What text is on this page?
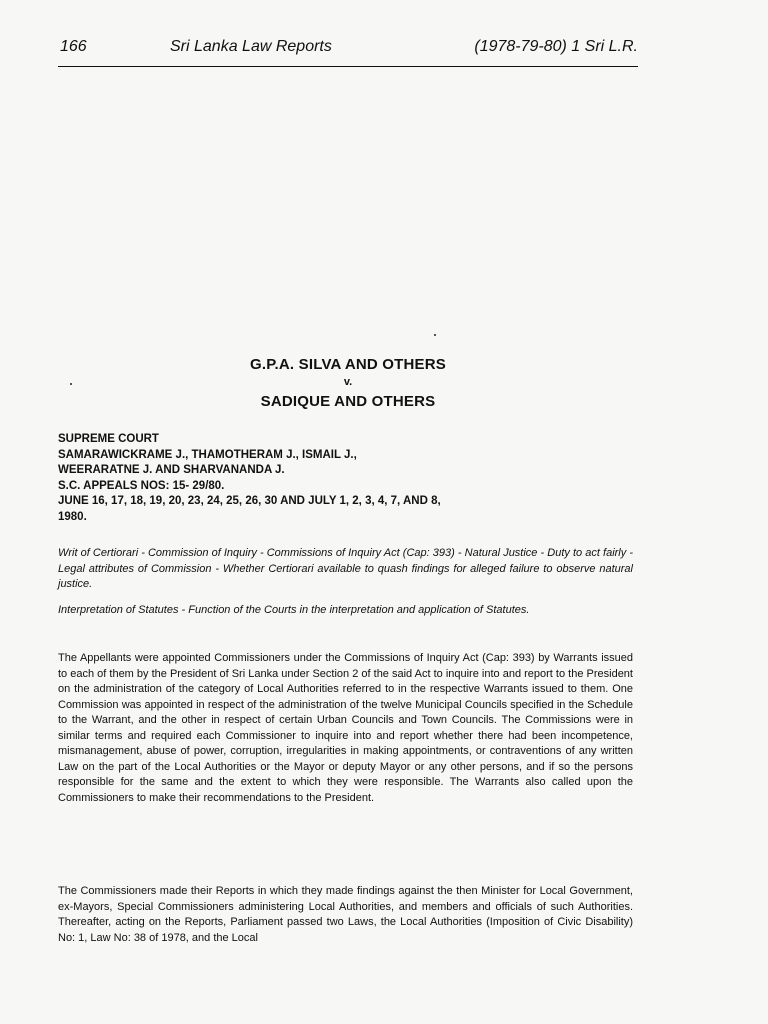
166	Sri Lanka Law Reports	(1978-79-80) 1 Sri L.R.
G.P.A. SILVA AND OTHERS
v.
SADIQUE AND OTHERS
SUPREME COURT
SAMARAWICKRAME J., THAMOTHERAM J., ISMAIL J.,
WEERARATNE J. AND SHARVANANDA J.
S.C. APPEALS NOS: 15- 29/80.
JUNE 16, 17, 18, 19, 20, 23, 24, 25, 26, 30 AND JULY 1, 2, 3, 4, 7, AND 8,
1980.
Writ of Certiorari - Commission of Inquiry - Commissions of Inquiry Act (Cap: 393) - Natural Justice - Duty to act fairly - Legal attributes of Commission - Whether Certiorari available to quash findings for alleged failure to observe natural justice.
Interpretation of Statutes - Function of the Courts in the interpretation and application of Statutes.
The Appellants were appointed Commissioners under the Commissions of Inquiry Act (Cap: 393) by Warrants issued to each of them by the President of Sri Lanka under Section 2 of the said Act to inquire into and report to the President on the administration of the category of Local Authorities referred to in the respective Warrants issued to them. One Commission was appointed in respect of the administration of the twelve Municipal Councils specified in the Schedule to the Warrant, and the other in respect of certain Urban Councils and Town Councils. The Commissions were in similar terms and required each Commissioner to inquire into and report whether there had been incompetence, mismanagement, abuse of power, corruption, irregularities in making appointments, or contraventions of any written Law on the part of the Local Authorities or the Mayor or deputy Mayor or any other persons, and if so the persons responsible for the same and the extent to which they were responsible. The Warrants also called upon the Commissioners to make their recommendations to the President.
The Commissioners made their Reports in which they made findings against the then Minister for Local Government, ex-Mayors, Special Commissioners administering Local Authorities, and members and officials of such Authorities. Thereafter, acting on the Reports, Parliament passed two Laws, the Local Authorities (Imposition of Civic Disability) No: 1, Law No: 38 of 1978, and the Local
